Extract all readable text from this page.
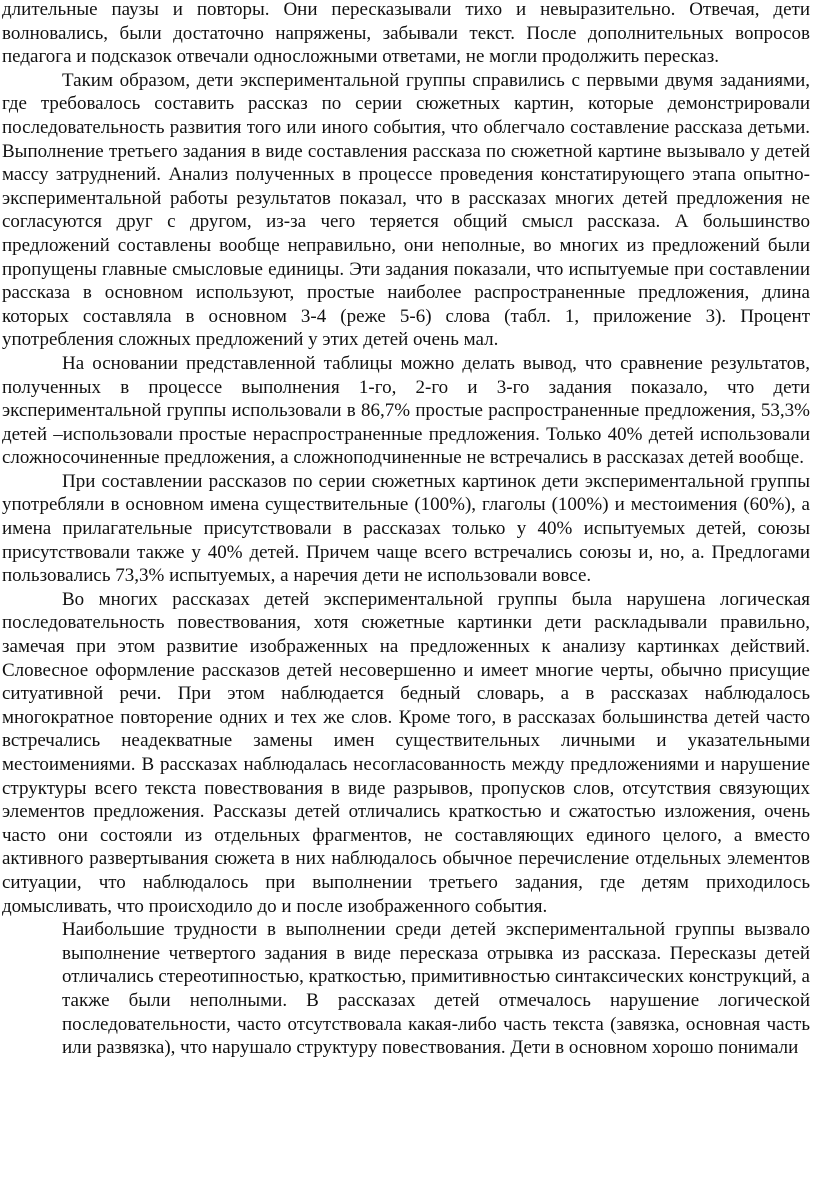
длительные паузы и повторы. Они пересказывали тихо и невыразительно. Отвечая, дети волновались, были достаточно напряжены, забывали текст. После дополнительных вопросов педагога и подсказок отвечали односложными ответами, не могли продолжить пересказ.

Таким образом, дети экспериментальной группы справились с первыми двумя заданиями, где требовалось составить рассказ по серии сюжетных картин, которые демонстрировали последовательность развития того или иного события, что облегчало составление рассказа детьми. Выполнение третьего задания в виде составления рассказа по сюжетной картине вызывало у детей массу затруднений. Анализ полученных в процессе проведения констатирующего этапа опытно-экспериментальной работы результатов показал, что в рассказах многих детей предложения не согласуются друг с другом, из-за чего теряется общий смысл рассказа. А большинство предложений составлены вообще неправильно, они неполные, во многих из предложений были пропущены главные смысловые единицы. Эти задания показали, что испытуемые при составлении рассказа в основном используют, простые наиболее распространенные предложения, длина которых составляла в основном 3-4 (реже 5-6) слова (табл. 1, приложение 3). Процент употребления сложных предложений у этих детей очень мал.

На основании представленной таблицы можно делать вывод, что сравнение результатов, полученных в процессе выполнения 1-го, 2-го и 3-го задания показало, что дети экспериментальной группы использовали в 86,7% простые распространенные предложения, 53,3% детей –использовали простые нераспространенные предложения. Только 40% детей использовали сложносочиненные предложения, а сложноподчиненные не встречались в рассказах детей вообще.

При составлении рассказов по серии сюжетных картинок дети экспериментальной группы употребляли в основном имена существительные (100%), глаголы (100%) и местоимения (60%), а имена прилагательные присутствовали в рассказах только у 40% испытуемых детей, союзы присутствовали также у 40% детей. Причем чаще всего встречались союзы и, но, а. Предлогами пользовались 73,3% испытуемых, а наречия дети не использовали вовсе.

Во многих рассказах детей экспериментальной группы была нарушена логическая последовательность повествования, хотя сюжетные картинки дети раскладывали правильно, замечая при этом развитие изображенных на предложенных к анализу картинках действий. Словесное оформление рассказов детей несовершенно и имеет многие черты, обычно присущие ситуативной речи. При этом наблюдается бедный словарь, а в рассказах наблюдалось многократное повторение одних и тех же слов. Кроме того, в рассказах большинства детей часто встречались неадекватные замены имен существительных личными и указательными местоимениями. В рассказах наблюдалась несогласованность между предложениями и нарушение структуры всего текста повествования в виде разрывов, пропусков слов, отсутствия связующих элементов предложения. Рассказы детей отличались краткостью и сжатостью изложения, очень часто они состояли из отдельных фрагментов, не составляющих единого целого, а вместо активного развертывания сюжета в них наблюдалось обычное перечисление отдельных элементов ситуации, что наблюдалось при выполнении третьего задания, где детям приходилось домысливать, что происходило до и после изображенного события.

Наибольшие трудности в выполнении среди детей экспериментальной группы вызвало выполнение четвертого задания в виде пересказа отрывка из рассказа. Пересказы детей отличались стереотипностью, краткостью, примитивностью синтаксических конструкций, а также были неполными. В рассказах детей отмечалось нарушение логической последовательности, часто отсутствовала какая-либо часть текста (завязка, основная часть или развязка), что нарушало структуру повествования. Дети в основном хорошо понимали
